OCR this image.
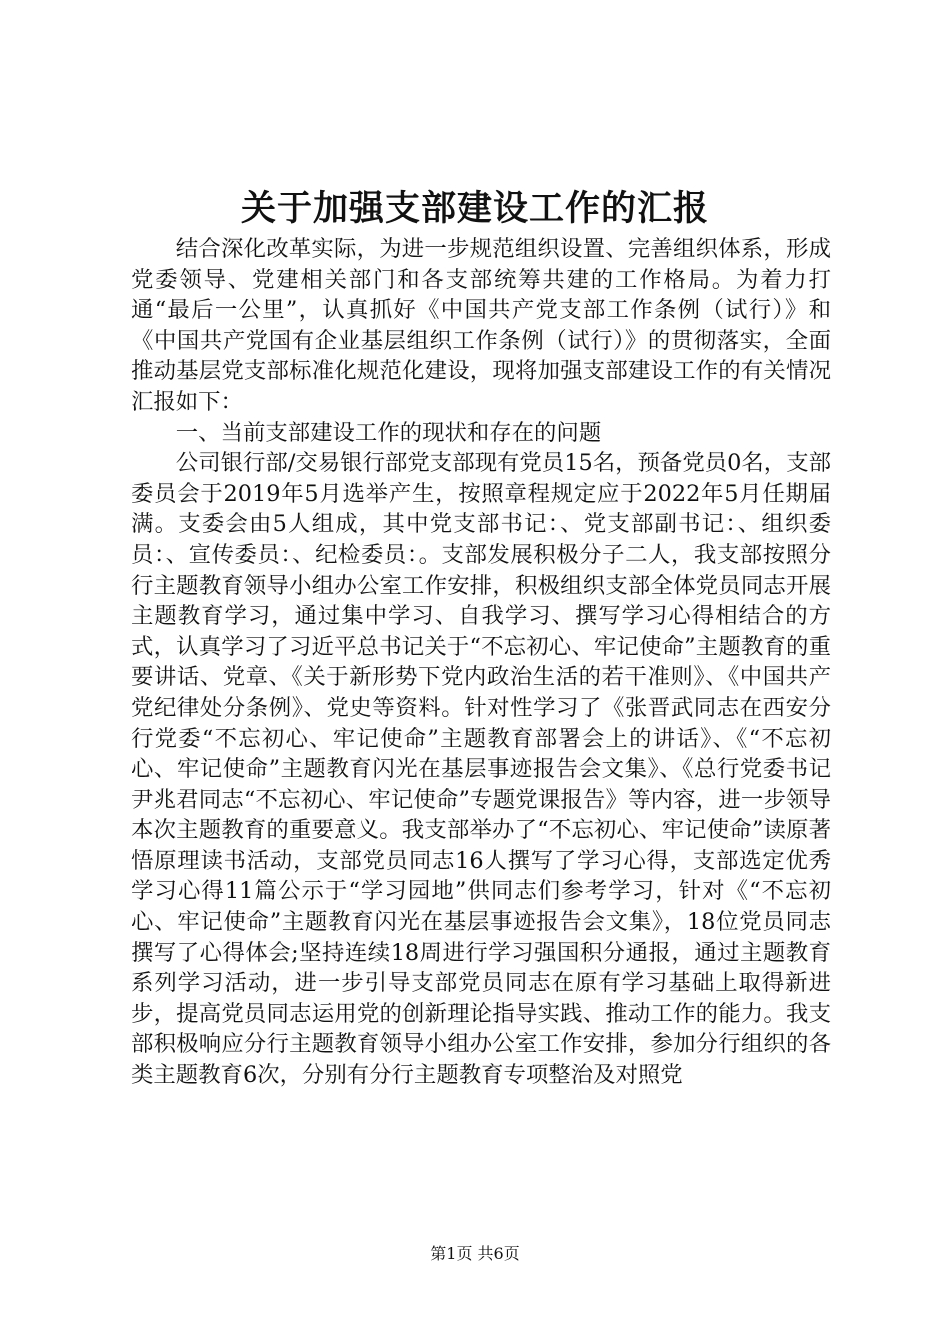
关于加强支部建设工作的汇报

结合深化改革实际，为进一步规范组织设置、完善组织体系，形成党委领导、党建相关部门和各支部统筹共建的工作格局。为着力打通“最后一公里”，认真抓好《中国共产党支部工作条例（试行）》和《中国共产党国有企业基层组织工作条例（试行）》的贯彻落实，全面推动基层党支部标准化规范化建设，现将加强支部建设工作的有关情况汇报如下：

一、当前支部建设工作的现状和存在的问题

公司银行部/交易银行部党支部现有党员15名，预备党员0名，支部委员会于2019年5月选举产生，按照章程规定应于2022年5月任期届满。支委会由5人组成，其中党支部书记：、党支部副书记：、组织委员：、宣传委员：、纪检委员：。支部发展积极分子二人，我支部按照分行主题教育领导小组办公室工作安排，积极组织支部全体党员同志开展主题教育学习，通过集中学习、自我学习、撰写学习心得相结合的方式，认真学习了习近平总书记关于“不忘初心、牢记使命”主题教育的重要讲话、党章、《关于新形势下党内政治生活的若干准则》、《中国共产党纪律处分条例》、党史等资料。针对性学习了《张晋武同志在西安分行党委“不忘初心、牢记使命”主题教育部署会上的讲话》、《“不忘初心、牢记使命”主题教育闪光在基层事迹报告会文集》、《总行党委书记尹兆君同志“不忘初心、牢记使命”专题党课报告》等内容，进一步领导本次主题教育的重要意义。我支部举办了“不忘初心、牢记使命”读原著悟原理读书活动，支部党员同志16人撰写了学习心得，支部选定优秀学习心得11篇公示于“学习园地”供同志们参考学习，针对《“不忘初心、牢记使命”主题教育闪光在基层事迹报告会文集》，18位党员同志撰写了心得体会;坚持连续18周进行学习强国积分通报，通过主题教育系列学习活动，进一步引导支部党员同志在原有学习基础上取得新进步，提高党员同志运用党的创新理论指导实践、推动工作的能力。我支部积极响应分行主题教育领导小组办公室工作安排，参加分行组织的各类主题教育6次，分别有分行主题教育专项整治及对照党

第1页 共6页
